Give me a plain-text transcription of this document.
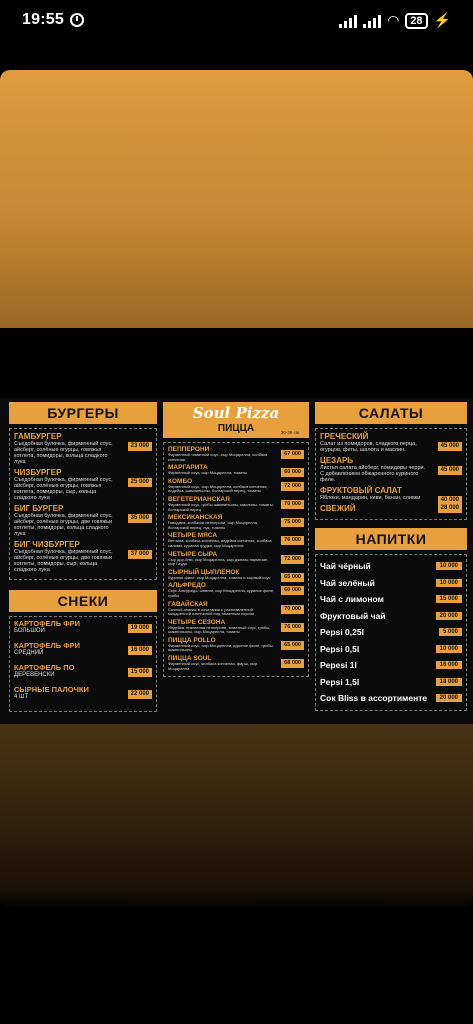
19:55	◠ 28 ⚡
БУРГЕРЫ
ГАМБУРГЕР
Съедобная булочка, фирменный соус, айсберг, солёные огурцы, говяжья котлета, помидоры, кольца сладкого лука
23 000
ЧИЗБУРГЕР
Съедобная булочка, фирменный соус, айсберг, солёные огурцы, говяжья котлета, помидоры, сыр, кольца сладкого лука
25 000
БИГ БУРГЕР
Съедобная булочка, фирменный соус, айсберг, солёные огурцы, две говяжьи котлеты, помидоры, кольца сладкого лука
35 000
БИГ ЧИЗБУРГЕР
Съедобная булочка, фирменный соус, айсберг, солёные огурцы, две говяжьи котлеты, помидоры, сыр, кольца сладкого лука
37 000
СНЕКИ
КАРТОФЕЛЬ ФРИ
БОЛЬШОЙ	19 000
КАРТОФЕЛЬ ФРИ
СРЕДНИЙ	16 000
КАРТОФЕЛЬ ПО
ДЕРЕВЕНСКИ	15 000
СЫРНЫЕ ПАЛОЧКИ
4 ШТ	22 000
Soul Pizza
ПИЦЦА	30-38 см
ПЕППЕРОНИ
Фирменный томатный соус, сыр Моцарелла, колбаса копченая
67 000
МАРГАРИТА
Фирменный соус, сыр Моцарелла, томаты	60 000
КОМБО
Фирменный соус, сыр Моцарелла, колбаса копченая, индейка, шампиньоны, болгарский перец, томаты
72 000
ВЕГЕТЕРИАНСКАЯ
Фирменный соус, грибы шампиньоны, маслины, томаты, болгарский перец
70 000
МЕКСИКАНСКАЯ
Говядина, колбаски пепперони, сыр Моцарелла, болгарский перец, лук, томаты
75 000
ЧЕТЫРЕ МЯСА
Ветчина, колбаса копченая, индейка копченая, колбаса салями, куриная грудка, сыр Моцарелла
76 000
ЧЕТЫРЕ СЫРА
Сыр дор-блю, сыр Моцарелла, сыр джюгас пармезан, сыр Гауда
72 000
СЫРНЫЙ ЦЫПЛЁНОК
Куриное филе, сыр Моцарелла, томаты и сырный соус	65 000
АЛЬФРЕДО
Соус Альфредо, шпинат, сыр Моцарелла, куриное филе, грибы
60 000
ГАВАЙСКАЯ
Сочный ананас в сочетании с расплавленной моцареллой и ветчиной под томатным соусом
70 000
ЧЕТЫРЕ СЕЗОНА
Индейка, пикантная пепперони, томатный соус, грибы, шампиньоны, сыр Моцарелла, томаты
76 000
ПИЦЦА POLLO
Фирменный соус, сыр Моцарелла, куриное филе, грибы шампиньоны
65 000
ПИЦЦА SOUL
Фирменный соус, колбаса копченая, фарш, сыр Моцарелла
68 000
САЛАТЫ
ГРЕЧЕСКИЙ
Салат из помидоров, сладкого перца, огурцов, феты, шалота и маслин.
45 000
ЦЕЗАРЬ
Листья салата айсберг, помидоры черри. С добавлением обжаренного куриного филе.
45 000
ФРУКТОВЫЙ САЛАТ
Яблоки, мандарин, киви, банан, сливки	40 000
СВЕЖИЙ	28 000
НАПИТКИ
Чай чёрный	10 000
Чай зелёный	10 000
Чай с лимоном	15 000
Фруктовый чай	20 000
Pepsi 0,25l	5 000
Pepsi 0,5l	10 000
Pepesi 1l	16 000
Pepsi 1,5l	18 000
Сок Bliss в ассортименте	20 000
